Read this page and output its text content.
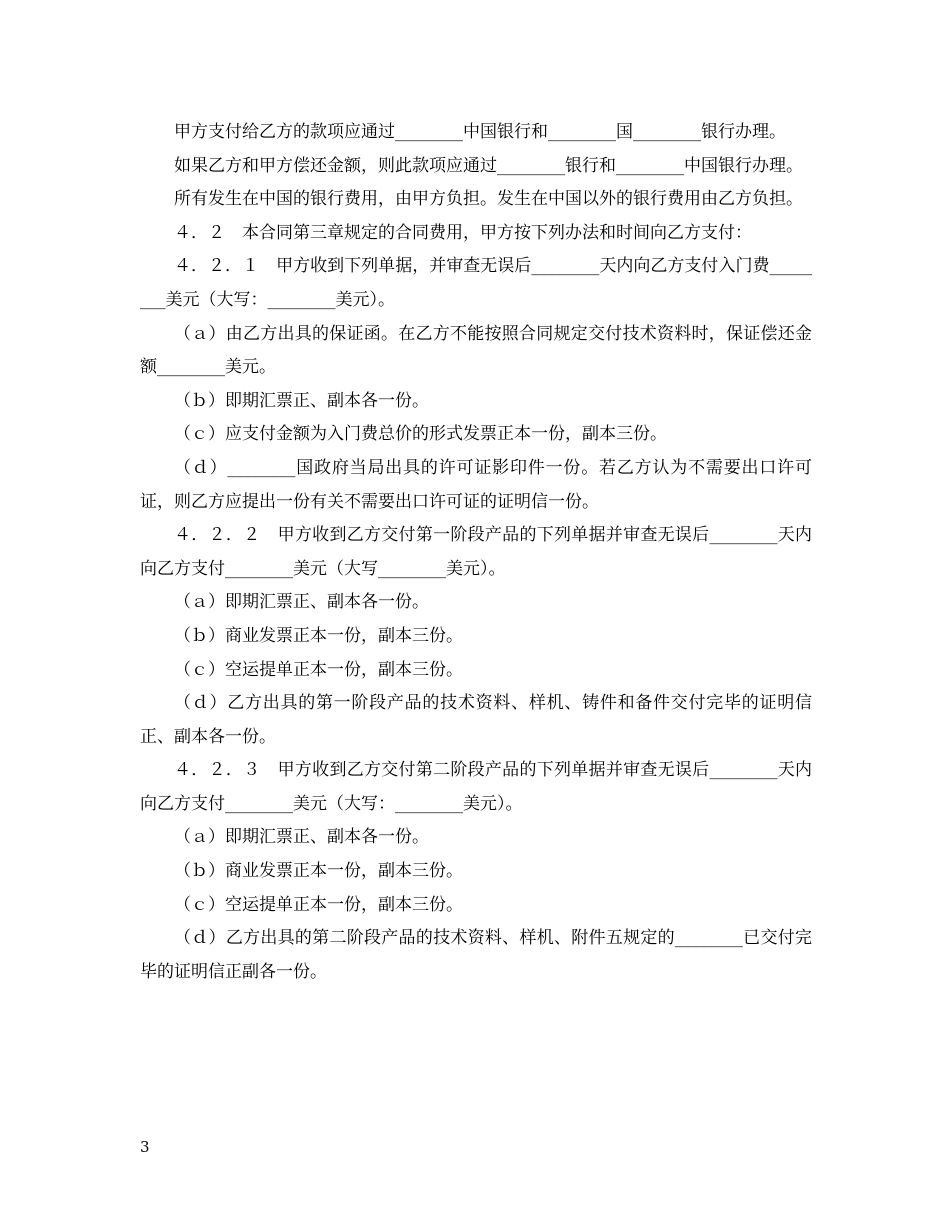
甲方支付给乙方的款项应通过________中国银行和________国________银行办理。

如果乙方和甲方偿还金额，则此款项应通过________银行和________中国银行办理。

所有发生在中国的银行费用，由甲方负担。发生在中国以外的银行费用由乙方负担。

４．２　本合同第三章规定的合同费用，甲方按下列办法和时间向乙方支付：

４．２．１　甲方收到下列单据，并审查无误后________天内向乙方支付入门费________美元（大写：________美元）。

（ａ）由乙方出具的保证函。在乙方不能按照合同规定交付技术资料时，保证偿还金额________美元。

（ｂ）即期汇票正、副本各一份。

（ｃ）应支付金额为入门费总价的形式发票正本一份，副本三份。

（ｄ）________国政府当局出具的许可证影印件一份。若乙方认为不需要出口许可证，则乙方应提出一份有关不需要出口许可证的证明信一份。

４．２．２　甲方收到乙方交付第一阶段产品的下列单据并审查无误后________天内向乙方支付________美元（大写________美元）。

（ａ）即期汇票正、副本各一份。

（ｂ）商业发票正本一份，副本三份。

（ｃ）空运提单正本一份，副本三份。

（ｄ）乙方出具的第一阶段产品的技术资料、样机、铸件和备件交付完毕的证明信正、副本各一份。

４．２．３　甲方收到乙方交付第二阶段产品的下列单据并审查无误后________天内向乙方支付________美元（大写：________美元）。

（ａ）即期汇票正、副本各一份。

（ｂ）商业发票正本一份，副本三份。

（ｃ）空运提单正本一份，副本三份。

（ｄ）乙方出具的第二阶段产品的技术资料、样机、附件五规定的________已交付完毕的证明信正副各一份。

3
